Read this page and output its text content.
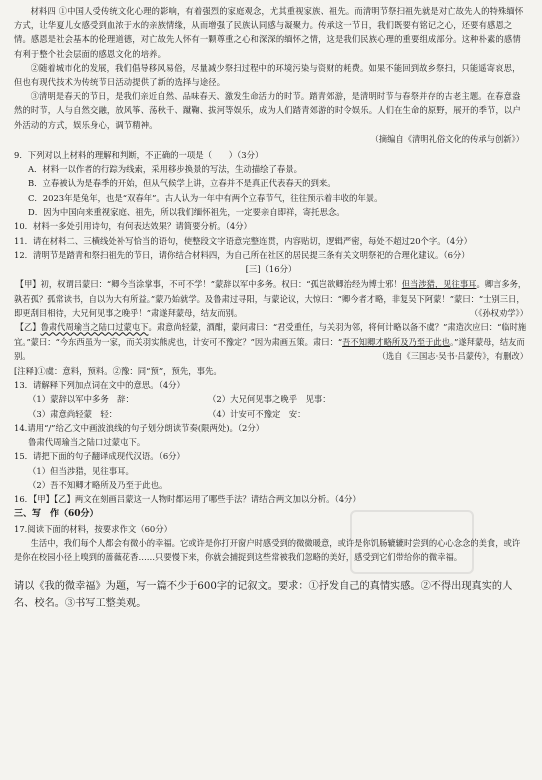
材料四 ①中国人受传统文化心理的影响，有着强烈的家庭观念，尤其重视家族、祖先。而清明节祭扫祖先就是对亡故先人的特殊缅怀方式，让华夏儿女感受到血浓于水的亲族情缘，从而增强了民族认同感与凝聚力。传承这一节日，我们既要有铭记之心，还要有感恩之情。感恩是社会基本的伦理道德，对亡故先人怀有一颗尊重之心和深深的缅怀之情，这是我们民族心理的重要组成部分。这种朴素的感情有利于整个社会层面的感恩文化的培养。

②随着城市化的发展，我们倡导移风易俗，尽量减少祭扫过程中的环境污染与资财的耗费。如果不能回到故乡祭扫，只能遥寄哀思，但也有现代技术为传统节日活动提供了新的选择与途径。

③清明是春天的节日，是我们亲近自然、品味春天、激发生命活力的时节。踏青郊游，是清明时节与春祭并存的古老主题。在春意盎然的时节，人与自然交融，放风筝、荡秋千、蹴鞠、拔河等娱乐，成为人们踏青郊游的时令娱乐。人们在生命的原野，展开的季节，以户外活动的方式，娱乐身心，调节精神。

（摘编自《清明礼俗文化的传承与创新》）

9．下列对以上材料的理解和判断，不正确的一项是（　　）（3分）

A．材料一以作者的行踪为线索，采用移步换景的写法，生动描绘了春景。

B．立春被认为是春季的开始，但从气候学上讲，立春并不是真正代表春天的到来。

C．2023年是兔年，也是“双春年”。古人认为一年中有两个立春节气，往往预示着丰收的年景。

D．因为中国向来重视家庭、祖先，所以我们缅怀祖先，一定要亲自即祥，寄托思念。

10．材料一多处引用诗句，有何表达效果？请简要分析。（4分）

11．请在材料二、三横线处补写恰当的语句，使整段文字语意完整连贯，内容贴切，逻辑严密，每处不超过20个字。（4分）

12．清明节是踏青和祭扫祖先的节日，请你结合材料四，为自己所在社区的居民提三条有关文明祭祀的合理化建议。（6分）

[三]（16分）

【甲】初，权谓吕蒙曰：“卿今当涂掌事，不可不学！”蒙辞以军中多务。权曰：“孤岂欲卿治经为博士邪！但当涉猎，见往事耳。卿言多务，孰若孤？孤常读书，自以为大有所益。”蒙乃始就学。及鲁肃过寻阳，与蒙论议，大惊曰：“卿今者才略，非复吴下阿蒙！”蒙曰：“士别三日，即更刮目相待，大兄何见事之晚乎！”肃遂拜蒙母，结友而别。	（《孙权劝学》）

【乙】鲁肃代周瑜当之陆口过蒙屯下。肃意尚轻蒙，酒酣，蒙问肃曰：“君受重任，与关羽为邻，将何计略以备不虞？”肃造次应曰：“临时施宜。”蒙曰：“今东西虽为一家，而关羽实熊虎也，计安可不豫定？”因为肃画五策。肃曰：“吾不知卿才略所及乃至于此也。”遂拜蒙母，结友而别。	（选自《三国志·吴书·吕蒙传》，有删改）

[注释]①虞：意料，预料。②豫：同“预”，预先，事先。

13．请解释下列加点词在文中的意思。（4分）

（1）蒙辞以军中多务　 辞：	（2）大兄何见事之晚乎　 见事：
（3）肃意尚轻蒙　 轻：	（4）计安可不豫定　 安：

14.请用“/”给乙文中画波浪线的句子划分朗读节奏(限两处)。（2分）

鲁肃代周瑜当之陆口过蒙屯下。

15．请把下面的句子翻译成现代汉语。（6分）

（1）但当涉猎，见往事耳。

（2）吾不知卿才略所及乃至于此也。

16．【甲】【乙】两文在刻画吕蒙这一人物时都运用了哪些手法？请结合两文加以分析。（4分）

三、写　作（60分）

17.阅读下面的材料，按要求作文（60分）

生活中，我们每个人都会有微小的幸福。它或许是你打开窗户时感受到的微微暖意，或许是你饥肠辘辘时尝到的心心念念的美食，或许是你在校园小径上嗅到的蔷薇花香……只要慢下来，你就会捕捉到这些常被我们忽略的美好，感受到它们带给你的微幸福。

请以《我的微幸福》为题，写一篇不少于600字的记叙文。要求：①抒发自己的真情实感。②不得出现真实的人名、校名。③书写工整美观。
